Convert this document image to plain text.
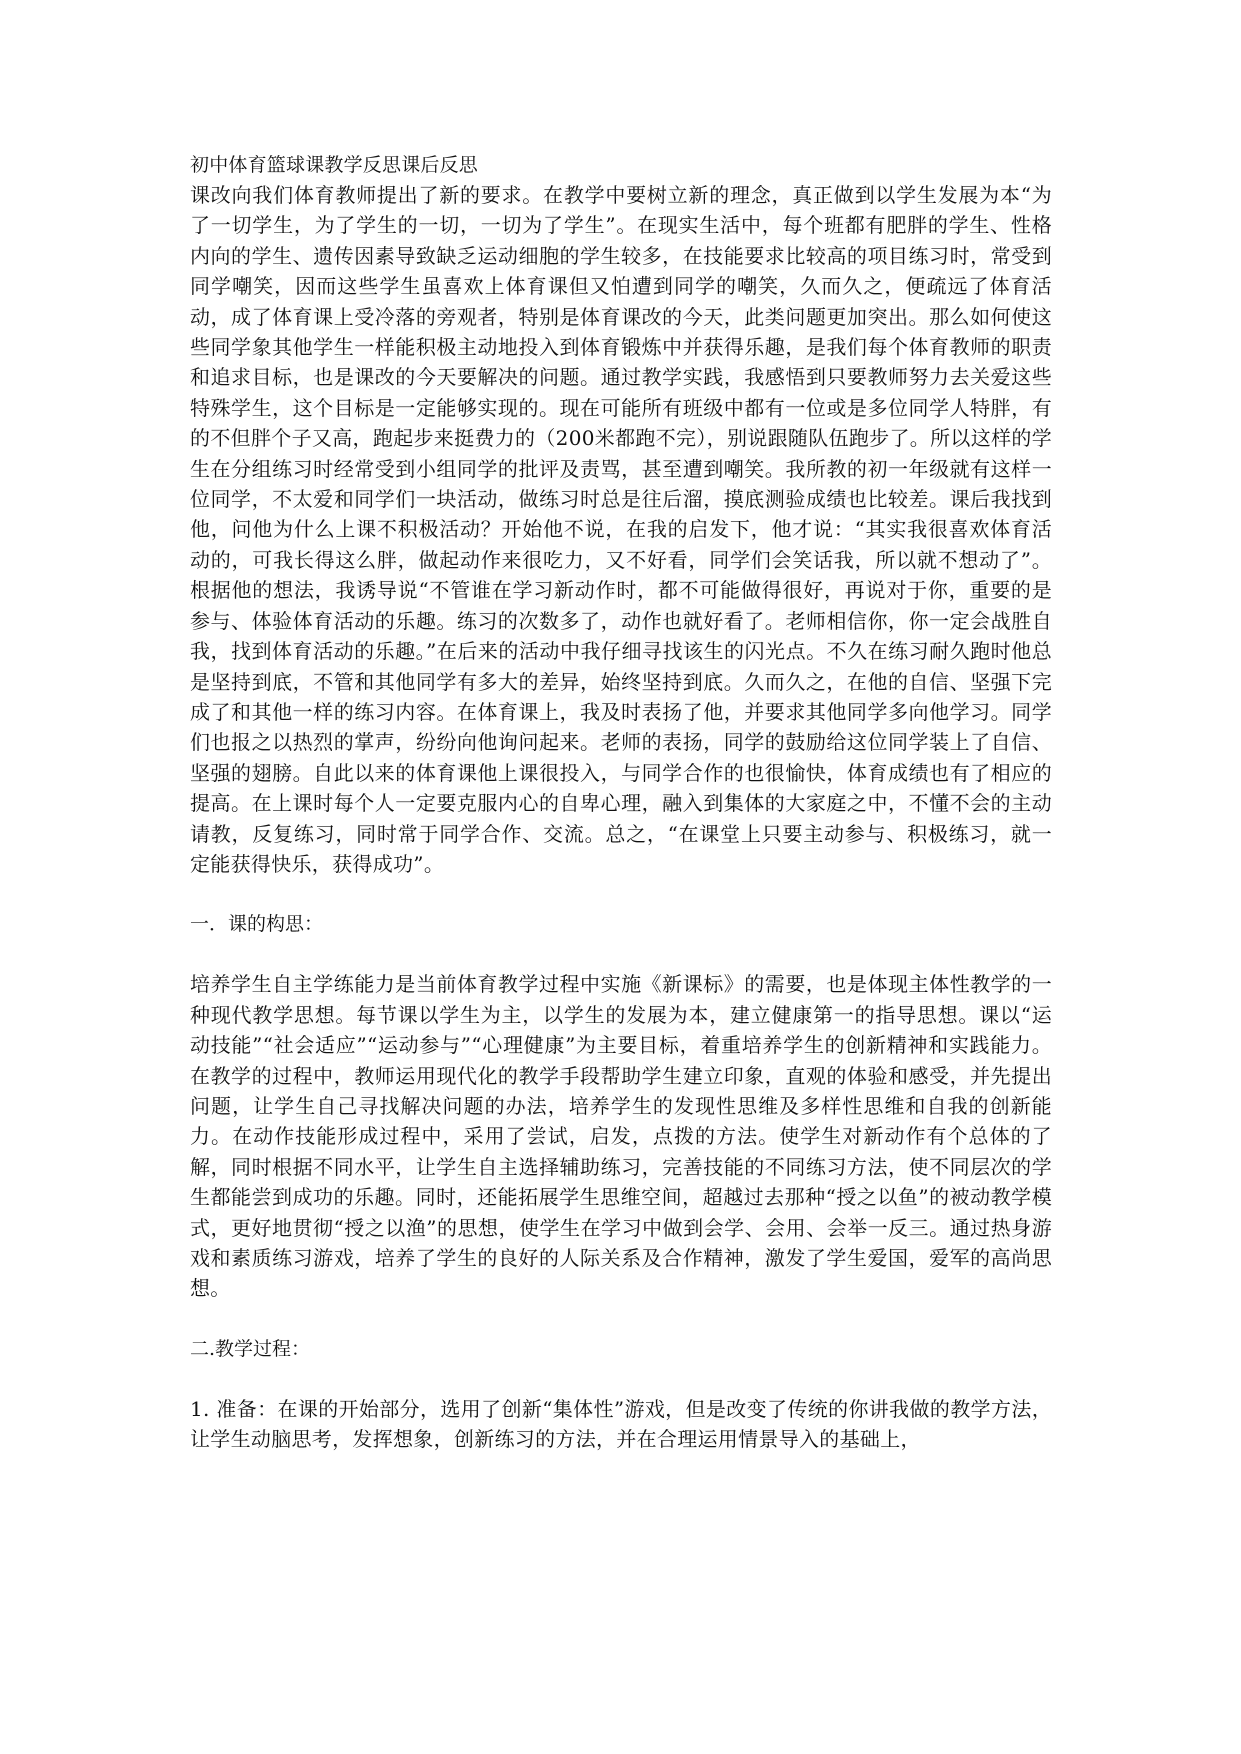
初中体育篮球课教学反思课后反思

课改向我们体育教师提出了新的要求。在教学中要树立新的理念，真正做到以学生发展为本“为了一切学生，为了学生的一切，一切为了学生”。在现实生活中，每个班都有肥胖的学生、性格内向的学生、遗传因素导致缺乏运动细胞的学生较多，在技能要求比较高的项目练习时，常受到同学嘲笑，因而这些学生虽喜欢上体育课但又怕遭到同学的嘲笑，久而久之，便疏远了体育活动，成了体育课上受冷落的旁观者，特别是体育课改的今天，此类问题更加突出。那么如何使这些同学象其他学生一样能积极主动地投入到体育锻炼中并获得乐趣，是我们每个体育教师的职责和追求目标，也是课改的今天要解决的问题。通过教学实践，我感悟到只要教师努力去关爱这些特殊学生，这个目标是一定能够实现的。现在可能所有班级中都有一位或是多位同学人特胖，有的不但胖个子又高，跑起步来挺费力的（200米都跑不完），别说跟随队伍跑步了。所以这样的学生在分组练习时经常受到小组同学的批评及责骂，甚至遭到嘲笑。我所教的初一年级就有这样一位同学，不太爱和同学们一块活动，做练习时总是往后溜，摸底测验成绩也比较差。课后我找到他，问他为什么上课不积极活动？开始他不说，在我的启发下，他才说：“其实我很喜欢体育活动的，可我长得这么胖，做起动作来很吃力，又不好看，同学们会笑话我，所以就不想动了”。根据他的想法，我诱导说“不管谁在学习新动作时，都不可能做得很好，再说对于你，重要的是参与、体验体育活动的乐趣。练习的次数多了，动作也就好看了。老师相信你，你一定会战胜自我，找到体育活动的乐趣。”在后来的活动中我仔细寻找该生的闪光点。不久在练习耐久跑时他总是坚持到底，不管和其他同学有多大的差异，始终坚持到底。久而久之，在他的自信、坚强下完成了和其他一样的练习内容。在体育课上，我及时表扬了他，并要求其他同学多向他学习。同学们也报之以热烈的掌声，纷纷向他询问起来。老师的表扬，同学的鼓励给这位同学装上了自信、坚强的翅膀。自此以来的体育课他上课很投入，与同学合作的也很愉快，体育成绩也有了相应的提高。在上课时每个人一定要克服内心的自卑心理，融入到集体的大家庭之中，不懂不会的主动请教，反复练习，同时常于同学合作、交流。总之，“在课堂上只要主动参与、积极练习，就一定能获得快乐，获得成功”。

一．课的构思：

培养学生自主学练能力是当前体育教学过程中实施《新课标》的需要，也是体现主体性教学的一种现代教学思想。每节课以学生为主，以学生的发展为本，建立健康第一的指导思想。课以“运动技能”“社会适应”“运动参与”“心理健康”为主要目标，着重培养学生的创新精神和实践能力。在教学的过程中，教师运用现代化的教学手段帮助学生建立印象，直观的体验和感受，并先提出问题，让学生自己寻找解决问题的办法，培养学生的发现性思维及多样性思维和自我的创新能力。在动作技能形成过程中，采用了尝试，启发，点拨的方法。使学生对新动作有个总体的了解，同时根据不同水平，让学生自主选择辅助练习，完善技能的不同练习方法，使不同层次的学生都能尝到成功的乐趣。同时，还能拓展学生思维空间，超越过去那种“授之以鱼”的被动教学模式，更好地贯彻“授之以渔”的思想，使学生在学习中做到会学、会用、会举一反三。通过热身游戏和素质练习游戏，培养了学生的良好的人际关系及合作精神，激发了学生爱国，爱军的高尚思想。

二.教学过程：

1. 准备：在课的开始部分，选用了创新“集体性”游戏，但是改变了传统的你讲我做的教学方法，让学生动脑思考，发挥想象，创新练习的方法，并在合理运用情景导入的基础上，
